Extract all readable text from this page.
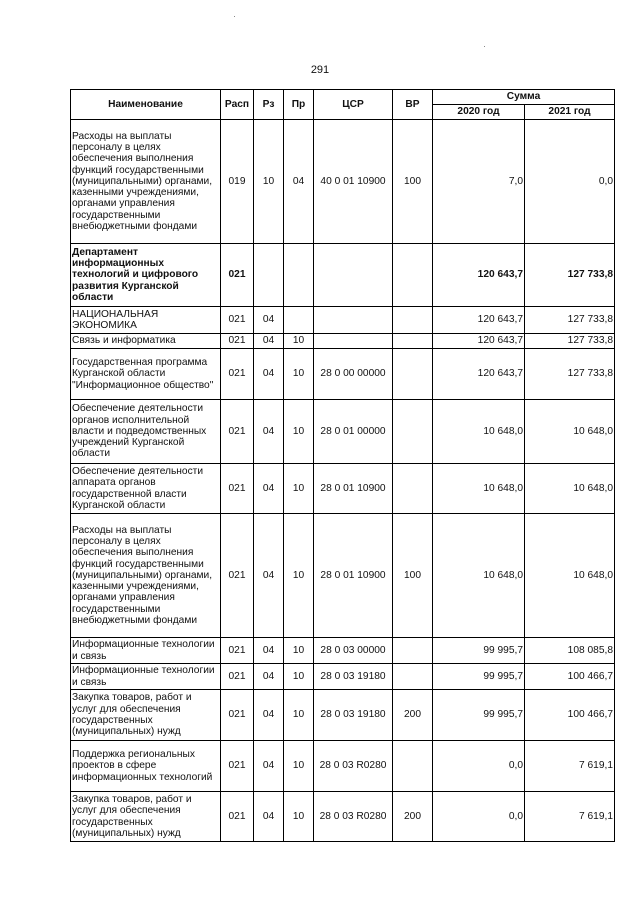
291
Наименование	Расп	Рз	Пр	ЦСР	ВР	Сумма	
						2020 год	2021 год
Расходы на выплаты персоналу в целях обеспечения выполнения функций государственными (муниципальными) органами, казенными учреждениями, органами управления государственными внебюджетными фондами	019	10	04	40 0 01 10900	100	7,0	0,0
Департамент информационных технологий и цифрового развития Курганской области	021					120 643,7	127 733,8
НАЦИОНАЛЬНАЯ ЭКОНОМИКА	021	04				120 643,7	127 733,8
Связь и информатика	021	04	10			120 643,7	127 733,8
Государственная программа Курганской области "Информационное общество"	021	04	10	28 0 00 00000		120 643,7	127 733,8
Обеспечение деятельности органов исполнительной власти и подведомственных учреждений Курганской области	021	04	10	28 0 01 00000		10 648,0	10 648,0
Обеспечение деятельности аппарата органов государственной власти Курганской области	021	04	10	28 0 01 10900		10 648,0	10 648,0
Расходы на выплаты персоналу в целях обеспечения выполнения функций государственными (муниципальными) органами, казенными учреждениями, органами управления государственными внебюджетными фондами	021	04	10	28 0 01 10900	100	10 648,0	10 648,0
Информационные технологии и связь	021	04	10	28 0 03 00000		99 995,7	108 085,8
Информационные технологии и связь	021	04	10	28 0 03 19180		99 995,7	100 466,7
Закупка товаров, работ и услуг для обеспечения государственных (муниципальных) нужд	021	04	10	28 0 03 19180	200	99 995,7	100 466,7
Поддержка региональных проектов в сфере информационных технологий	021	04	10	28 0 03 R0280		0,0	7 619,1
Закупка товаров, работ и услуг для обеспечения государственных (муниципальных) нужд	021	04	10	28 0 03 R0280	200	0,0	7 619,1
